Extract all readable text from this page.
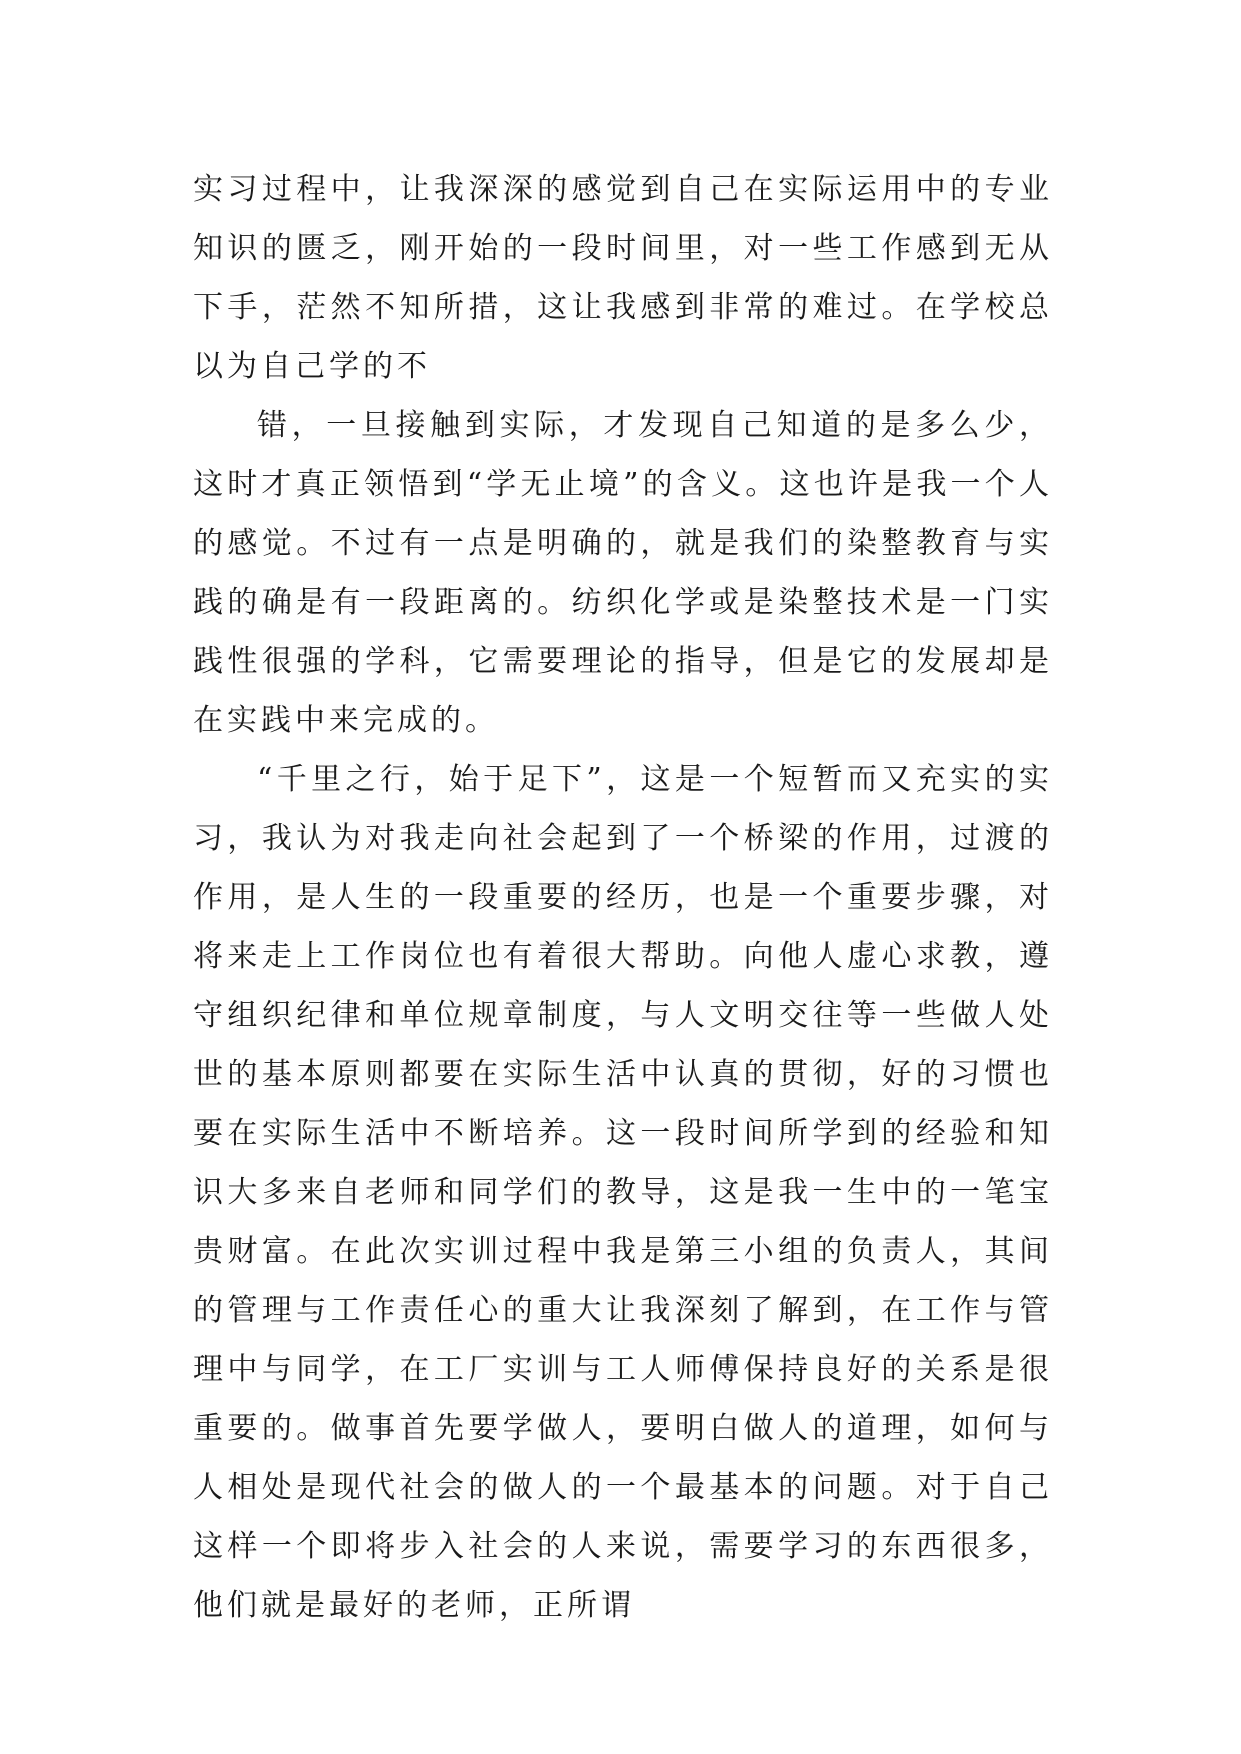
实习过程中，让我深深的感觉到自己在实际运用中的专业知识的匮乏，刚开始的一段时间里，对一些工作感到无从下手，茫然不知所措，这让我感到非常的难过。在学校总以为自己学的不

错，一旦接触到实际，才发现自己知道的是多么少，这时才真正领悟到“学无止境”的含义。这也许是我一个人的感觉。不过有一点是明确的，就是我们的染整教育与实践的确是有一段距离的。纺织化学或是染整技术是一门实践性很强的学科，它需要理论的指导，但是它的发展却是在实践中来完成的。

“千里之行，始于足下”，这是一个短暂而又充实的实习，我认为对我走向社会起到了一个桥梁的作用，过渡的作用，是人生的一段重要的经历，也是一个重要步骤，对将来走上工作岗位也有着很大帮助。向他人虚心求教，遵守组织纪律和单位规章制度，与人文明交往等一些做人处世的基本原则都要在实际生活中认真的贯彻，好的习惯也要在实际生活中不断培养。这一段时间所学到的经验和知识大多来自老师和同学们的教导，这是我一生中的一笔宝贵财富。在此次实训过程中我是第三小组的负责人，其间的管理与工作责任心的重大让我深刻了解到，在工作与管理中与同学，在工厂实训与工人师傅保持良好的关系是很重要的。做事首先要学做人，要明白做人的道理，如何与人相处是现代社会的做人的一个最基本的问题。对于自己这样一个即将步入社会的人来说，需要学习的东西很多，他们就是最好的老师，正所谓
